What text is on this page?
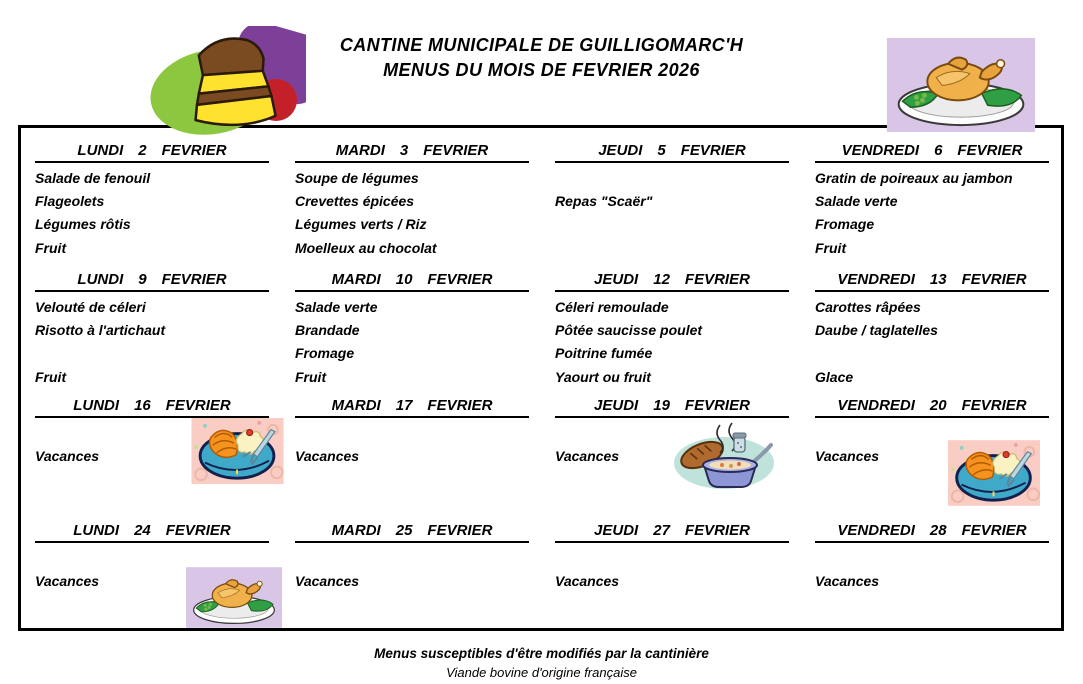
CANTINE MUNICIPALE DE GUILLIGOMARC'H
MENUS DU MOIS DE FEVRIER 2026
LUNDI 2 FEVRIER
Salade de fenouil
Flageolets
Légumes rôtis
Fruit
MARDI 3 FEVRIER
Soupe de légumes
Crevettes épicées
Légumes verts / Riz
Moelleux au chocolat
JEUDI 5 FEVRIER
Repas "Scaër"
VENDREDI 6 FEVRIER
Gratin de poireaux au jambon
Salade verte
Fromage
Fruit
LUNDI 9 FEVRIER
Velouté de céleri
Risotto à l'artichaut
Fruit
MARDI 10 FEVRIER
Salade verte
Brandade
Fromage
Fruit
JEUDI 12 FEVRIER
Céleri remoulade
Pôtée saucisse poulet
Poitrine fumée
Yaourt ou fruit
VENDREDI 13 FEVRIER
Carottes râpées
Daube / taglatelles
Glace
LUNDI 16 FEVRIER
Vacances
MARDI 17 FEVRIER
Vacances
JEUDI 19 FEVRIER
Vacances
VENDREDI 20 FEVRIER
Vacances
LUNDI 24 FEVRIER
Vacances
MARDI 25 FEVRIER
Vacances
JEUDI 27 FEVRIER
Vacances
VENDREDI 28 FEVRIER
Vacances
Menus susceptibles d'être modifiés par la cantinière
Viande bovine d'origine française
